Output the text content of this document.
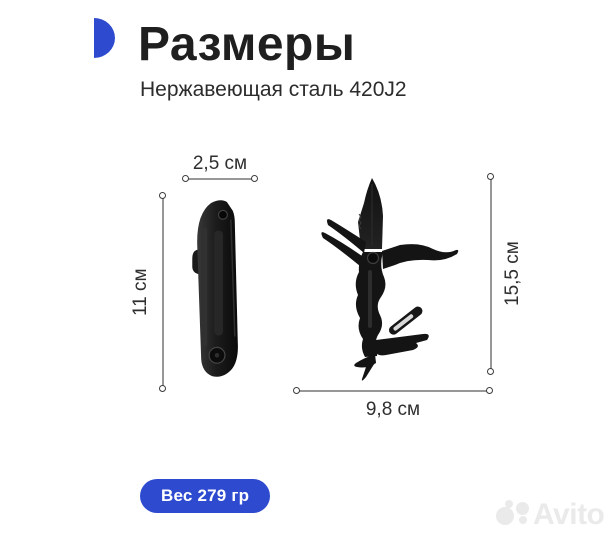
Размеры
Нержавеющая сталь 420J2
2,5 см
11 см	15,5 см
9,8 см
Вес 279 гр
Avito
